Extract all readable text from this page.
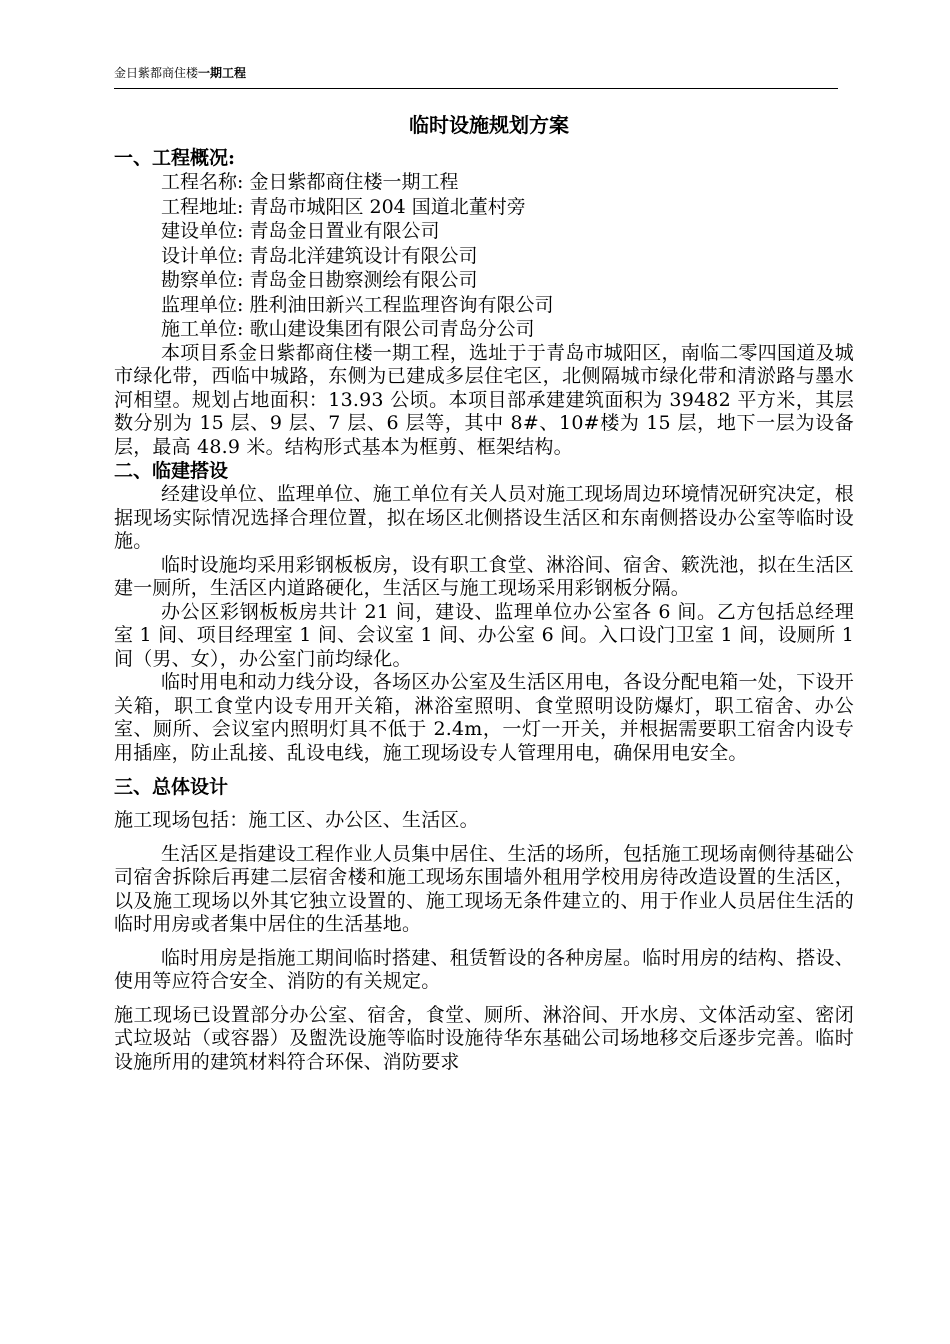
金日紫都商住楼一期工程
临时设施规划方案
一、工程概况:
工程名称: 金日紫都商住楼一期工程
工程地址: 青岛市城阳区 204 国道北董村旁
建设单位: 青岛金日置业有限公司
设计单位: 青岛北洋建筑设计有限公司
勘察单位: 青岛金日勘察测绘有限公司
监理单位: 胜利油田新兴工程监理咨询有限公司
施工单位: 歌山建设集团有限公司青岛分公司

本项目系金日紫都商住楼一期工程，选址于于青岛市城阳区，南临二零四国道及城市绿化带，西临中城路，东侧为已建成多层住宅区，北侧隔城市绿化带和清淤路与墨水河相望。规划占地面积：13.93 公顷。本项目部承建建筑面积为 39482 平方米，其层数分别为 15 层、9 层、7 层、6 层等，其中 8#、10#楼为 15 层，地下一层为设备层，最高 48.9 米。结构形式基本为框剪、框架结构。

二、临建搭设

经建设单位、监理单位、施工单位有关人员对施工现场周边环境情况研究决定，根据现场实际情况选择合理位置，拟在场区北侧搭设生活区和东南侧搭设办公室等临时设施。

临时设施均采用彩钢板板房，设有职工食堂、淋浴间、宿舍、簌洗池，拟在生活区建一厕所，生活区内道路硬化，生活区与施工现场采用彩钢板分隔。

办公区彩钢板板房共计 21 间，建设、监理单位办公室各 6 间。乙方包括总经理室 1 间、项目经理室 1 间、会议室 1 间、办公室 6 间。入口设门卫室 1 间，设厕所 1 间（男、女），办公室门前均绿化。

临时用电和动力线分设，各场区办公室及生活区用电，各设分配电箱一处，下设开关箱，职工食堂内设专用开关箱，淋浴室照明、食堂照明设防爆灯，职工宿舍、办公室、厕所、会议室内照明灯具不低于 2.4m，一灯一开关，并根据需要职工宿舍内设专用插座，防止乱接、乱设电线，施工现场设专人管理用电，确保用电安全。

三、总体设计

施工现场包括：施工区、办公区、生活区。

生活区是指建设工程作业人员集中居住、生活的场所，包括施工现场南侧待基础公司宿舍拆除后再建二层宿舍楼和施工现场东围墙外租用学校用房待改造设置的生活区，以及施工现场以外其它独立设置的、施工现场无条件建立的、用于作业人员居住生活的临时用房或者集中居住的生活基地。

临时用房是指施工期间临时搭建、租赁暂设的各种房屋。临时用房的结构、搭设、使用等应符合安全、消防的有关规定。

施工现场已设置部分办公室、宿舍，食堂、厕所、淋浴间、开水房、文体活动室、密闭式垃圾站（或容器）及盥洗设施等临时设施待华东基础公司场地移交后逐步完善。临时设施所用的建筑材料符合环保、消防要求
